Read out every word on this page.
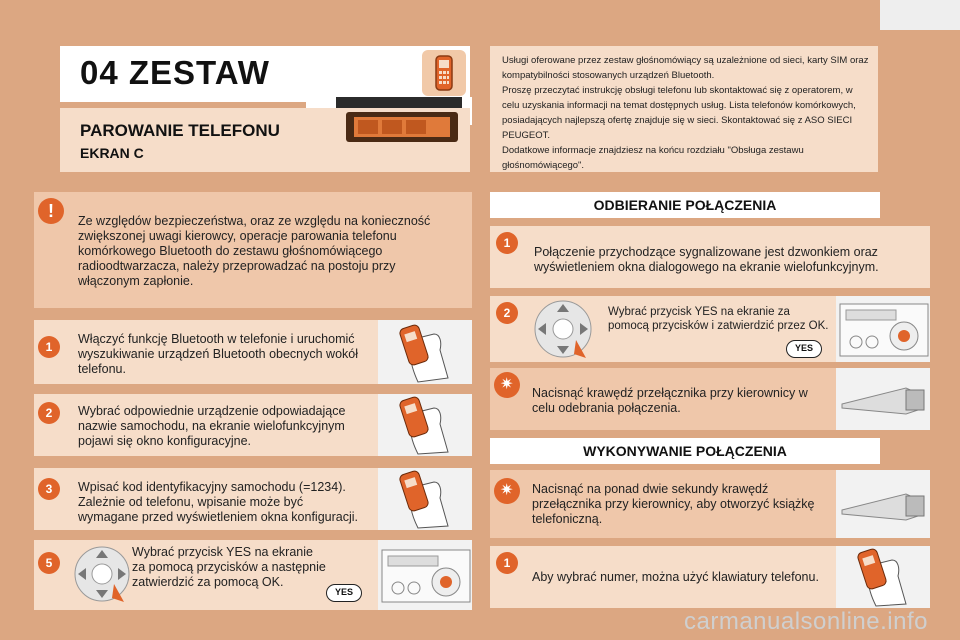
04 ZESTAW
PAROWANIE TELEFONU
EKRAN C
Usługi oferowane przez zestaw głośnomówiący są uzależnione od sieci, karty SIM oraz
kompatybilności stosowanych urządzeń Bluetooth.
Proszę przeczytać instrukcję obsługi telefonu lub skontaktować się z operatorem, w
celu uzyskania informacji na temat dostępnych usług. Lista telefonów komórkowych,
posiadających najlepszą ofertę znajduje się w sieci. Skontaktować się z ASO SIECI
PEUGEOT.
Dodatkowe informacje znajdziesz na końcu rozdziału "Obsługa zestawu
głośnomówiącego".
!	Ze względów bezpieczeństwa, oraz ze względu na konieczność
zwiększonej uwagi kierowcy, operacje parowania telefonu
komórkowego Bluetooth do zestawu głośnomówiącego
radioodtwarzacza, należy przeprowadzać na postoju przy
włączonym zapłonie.
1
Włączyć funkcję Bluetooth w telefonie i uruchomić
wyszukiwanie urządzeń Bluetooth obecnych wokół
telefonu.
2	Wybrać odpowiednie urządzenie odpowiadające
nazwie samochodu, na ekranie wielofunkcyjnym
pojawi się okno konfiguracyjne.
3	Wpisać kod identyfikacyjny samochodu (=1234).
Zależnie od telefonu, wpisanie może być
wymagane przed wyświetleniem okna konfiguracji.
5
Wybrać przycisk YES na ekranie
za pomocą przycisków a następnie
zatwierdzić za pomocą OK.
YES
ODBIERANIE POŁĄCZENIA
1
Połączenie przychodzące sygnalizowane jest dzwonkiem oraz
wyświetleniem okna dialogowego na ekranie wielofunkcyjnym.
2	Wybrać przycisk YES na ekranie za
pomocą przycisków i zatwierdzić przez OK.
YES
✷
Nacisnąć krawędź przełącznika przy kierownicy w
celu odebrania połączenia.
WYKONYWANIE POŁĄCZENIA
✷
Nacisnąć na ponad dwie sekundy krawędź
przełącznika przy kierownicy, aby otworzyć książkę
telefoniczną.
1
Aby wybrać numer, można użyć klawiatury telefonu.
carmanualsonline.info
